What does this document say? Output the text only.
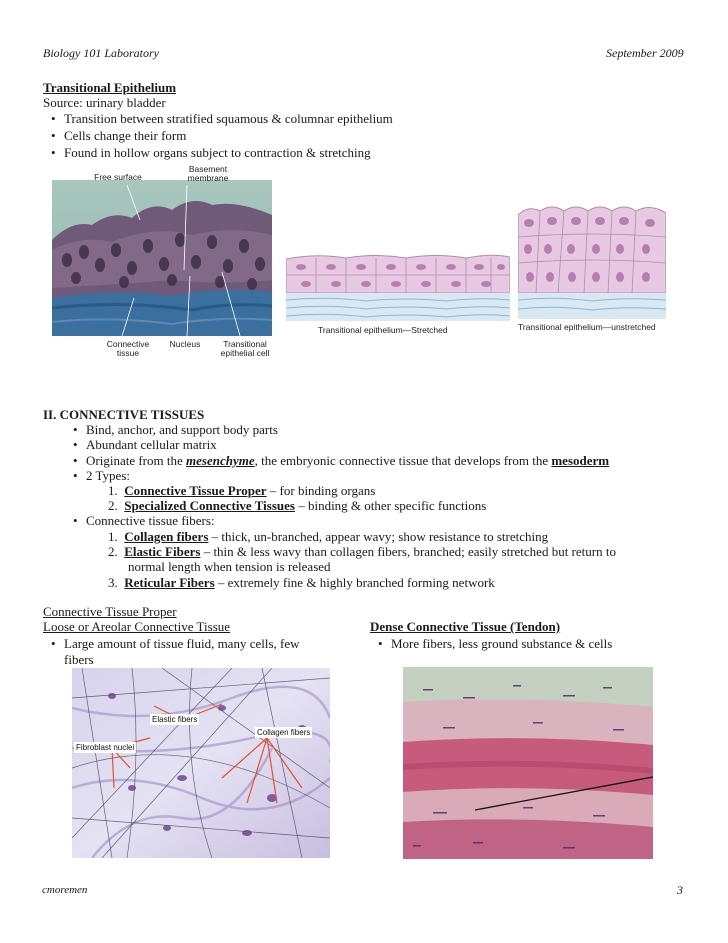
Biology 101 Laboratory	September 2009
Transitional Epithelium
Source: urinary bladder
• Transition between stratified squamous & columnar epithelium
• Cells change their form
• Found in hollow organs subject to contraction & stretching
Free surface
Basement
membrane
Connective
tissue
Nucleus	Transitional
epithelial cell
Transitional epithelium—Stretched	Transitional epithelium—unstretched
II. CONNECTIVE TISSUES
• Bind, anchor, and support body parts
• Abundant cellular matrix
• Originate from the mesenchyme, the embryonic connective tissue that develops from the mesoderm
• 2 Types:
1. Connective Tissue Proper – for binding organs
2. Specialized Connective Tissues – binding & other specific functions
• Connective tissue fibers:
1. Collagen fibers – thick, un-branched, appear wavy; show resistance to stretching
2. Elastic Fibers – thin & less wavy than collagen fibers, branched; easily stretched but return to
normal length when tension is released
3. Reticular Fibers – extremely fine & highly branched forming network
Connective Tissue Proper
Loose or Areolar Connective Tissue
• Large amount of tissue fluid, many cells, few
fibers
Dense Connective Tissue (Tendon)
• More fibers, less ground substance & cells
Elastic fibers
Fibroblast nuclei
Collagen fibers
cmoremen	3
